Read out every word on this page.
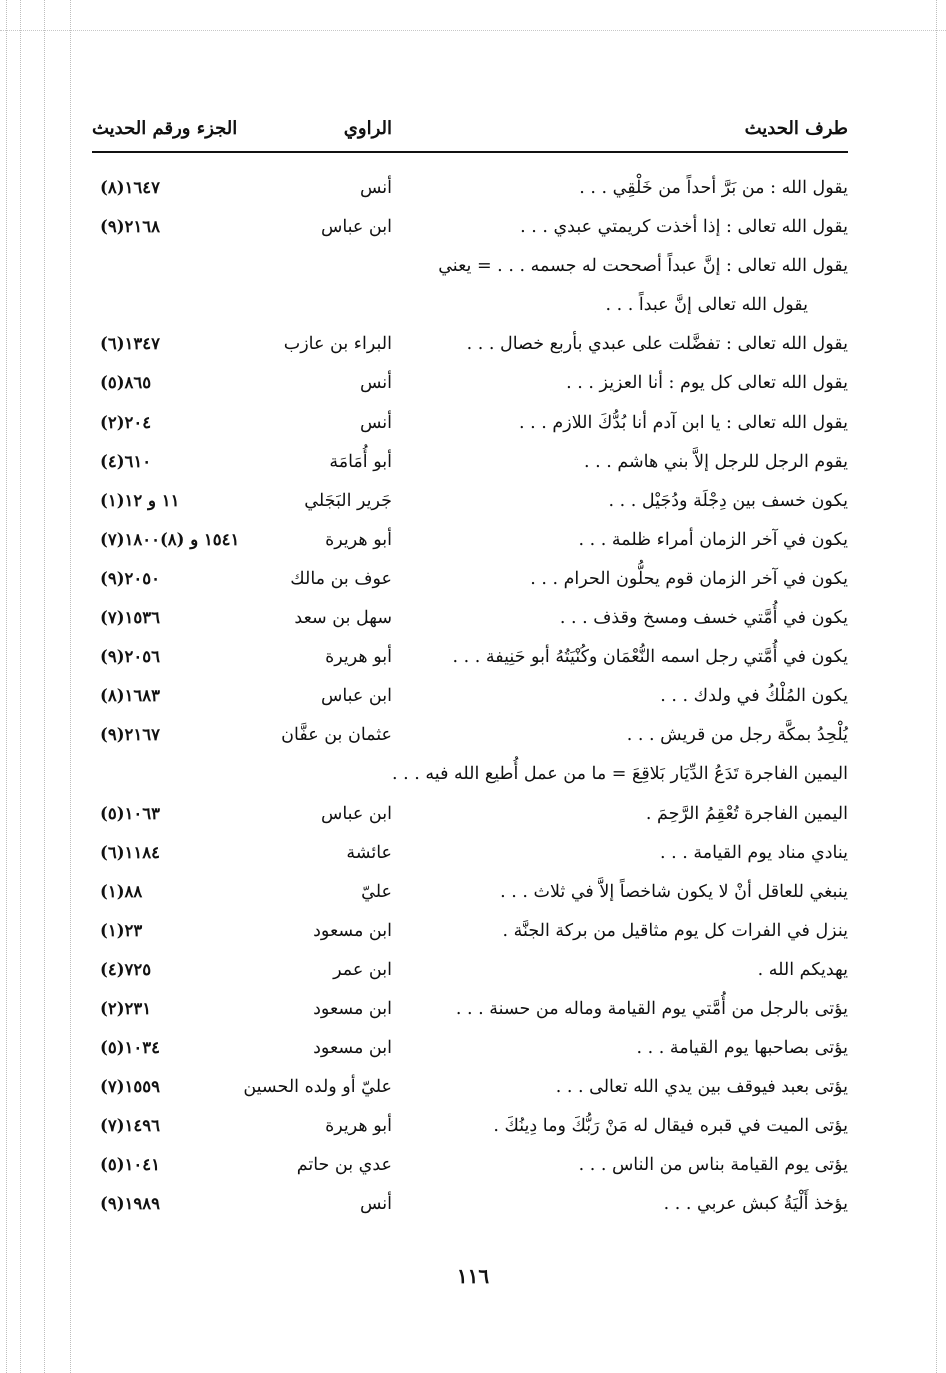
طرف الحديث
الراوي
الجزء ورقم الحديث
يقول الله : من بَرَّ أحداً من خَلْقِي . . .
أنس
١٦٤٧(٨)
يقول الله تعالى : إذا أخذت كريمتي عبدي . . .
ابن عباس
٢١٦٨(٩)
يقول الله تعالى : إنَّ عبداً أصححت له جسمه . . . = يعني
يقول الله تعالى إنَّ عبداً . . .
يقول الله تعالى : تفضَّلت على عبدي بأربع خصال . . .
البراء بن عازب
١٣٤٧(٦)
يقول الله تعالى كل يوم : أنا العزيز . . .
أنس
٨٦٥(٥)
يقول الله تعالى : يا ابن آدم أنا بُدُّكَ اللازم . . .
أنس
٢٠٤(٢)
يقوم الرجل للرجل إلاَّ بني هاشم . . .
أبو أُمَامَة
٦١٠(٤)
يكون خسف بين دِجْلَة ودُجَيْل . . .
جَرير البَجَلي
(١)١١ و ١٢
يكون في آخر الزمان أمراء ظلمة . . .
أبو هريرة
(٧)١٥٤١ و (٨)١٨٠٠
يكون في آخر الزمان قوم يحلُّون الحرام . . .
عوف بن مالك
٢٠٥٠(٩)
يكون في أُمَّتي خسف ومسخ وقذف . . .
سهل بن سعد
١٥٣٦(٧)
يكون في أُمَّتي رجل اسمه النُّعْمَان وكُنْيَتُهُ أبو حَنِيفة . . .
أبو هريرة
٢٠٥٦(٩)
يكون المُلْكُ في ولدك . . .
ابن عباس
١٦٨٣(٨)
يُلْحِدُ بمكَّة رجل من قريش . . .
عثمان بن عفَّان
٢١٦٧(٩)
اليمين الفاجرة تَدَعُ الدِّيَار بَلاقِعَ = ما من عمل أُطيع الله فيه . . .
اليمين الفاجرة تُعْقِمُ الرَّحِمَ .
ابن عباس
١٠٦٣(٥)
ينادي مناد يوم القيامة . . .
عائشة
١١٨٤(٦)
ينبغي للعاقل أنْ لا يكون شاخصاً إلاَّ في ثلاث . . .
عليّ
٨٨(١)
ينزل في الفرات كل يوم مثاقيل من بركة الجنَّة .
ابن مسعود
٢٣(١)
يهديكم الله .
ابن عمر
٧٢٥(٤)
يؤتى بالرجل من أُمَّتي يوم القيامة وماله من حسنة . . .
ابن مسعود
٢٣١(٢)
يؤتى بصاحبها يوم القيامة . . .
ابن مسعود
١٠٣٤(٥)
يؤتى بعبد فيوقف بين يدي الله تعالى . . .
عليّ أو ولده الحسين
١٥٥٩(٧)
يؤتى الميت في قبره فيقال له مَنْ رَبُّكَ وما دِينُكَ .
أبو هريرة
١٤٩٦(٧)
يؤتى يوم القيامة بناس من الناس . . .
عدي بن حاتم
١٠٤١(٥)
يؤخذ أَلْيَةُ كبش عربي . . .
أنس
١٩٨٩(٩)
١١٦
